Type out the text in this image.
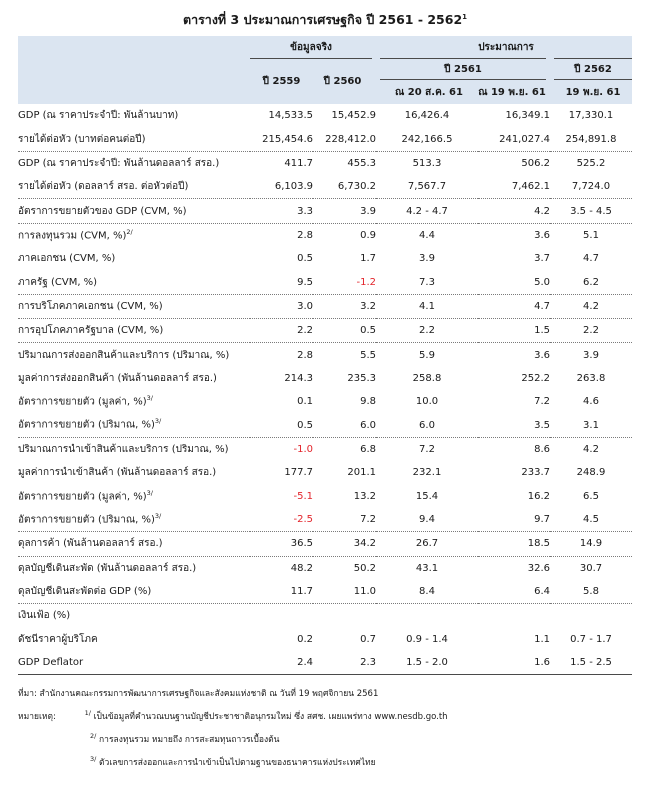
ตารางที่ 3 ประมาณการเศรษฐกิจ ปี 2561 - 2562$^1$
	ข้อมูลจริง		ประมาณการ		
	ปี 2559	ปี 2560	ปี 2561		ปี 2562
			ณ 20 ส.ค. 61	ณ 19 พ.ย. 61	19 พ.ย. 61
GDP (ณ ราคาประจำปี: พันล้านบาท)	14,533.5	15,452.9	16,426.4	16,349.1	17,330.1
รายได้ต่อหัว (บาทต่อคนต่อปี)	215,454.6	228,412.0	242,166.5	241,027.4	254,891.8
GDP (ณ ราคาประจำปี: พันล้านดอลลาร์ สรอ.)	411.7	455.3	513.3	506.2	525.2
รายได้ต่อหัว (ดอลลาร์ สรอ. ต่อหัวต่อปี)	6,103.9	6,730.2	7,567.7	7,462.1	7,724.0
อัตราการขยายตัวของ GDP (CVM, %)	3.3	3.9	4.2 - 4.7	4.2	3.5 - 4.5
การลงทุนรวม (CVM, %)$^{2/}$	2.8	0.9	4.4	3.6	5.1
ภาคเอกชน (CVM, %)	0.5	1.7	3.9	3.7	4.7
ภาครัฐ (CVM, %)	9.5	-1.2	7.3	5.0	6.2
การบริโภคภาคเอกชน (CVM, %)	3.0	3.2	4.1	4.7	4.2
การอุปโภคภาครัฐบาล (CVM, %)	2.2	0.5	2.2	1.5	2.2
ปริมาณการส่งออกสินค้าและบริการ (ปริมาณ, %)	2.8	5.5	5.9	3.6	3.9
มูลค่าการส่งออกสินค้า (พันล้านดอลลาร์ สรอ.)	214.3	235.3	258.8	252.2	263.8
อัตราการขยายตัว (มูลค่า, %)$^{3/}$	0.1	9.8	10.0	7.2	4.6
อัตราการขยายตัว (ปริมาณ, %)$^{3/}$	0.5	6.0	6.0	3.5	3.1
ปริมาณการนำเข้าสินค้าและบริการ (ปริมาณ, %)	-1.0	6.8	7.2	8.6	4.2
มูลค่าการนำเข้าสินค้า (พันล้านดอลลาร์ สรอ.)	177.7	201.1	232.1	233.7	248.9
อัตราการขยายตัว (มูลค่า, %)$^{3/}$	-5.1	13.2	15.4	16.2	6.5
อัตราการขยายตัว (ปริมาณ, %)$^{3/}$	-2.5	7.2	9.4	9.7	4.5
ดุลการค้า (พันล้านดอลลาร์ สรอ.)	36.5	34.2	26.7	18.5	14.9
ดุลบัญชีเดินสะพัด (พันล้านดอลลาร์ สรอ.)	48.2	50.2	43.1	32.6	30.7
ดุลบัญชีเดินสะพัดต่อ GDP (%)	11.7	11.0	8.4	6.4	5.8
เงินเฟ้อ (%)					
ดัชนีราคาผู้บริโภค	0.2	0.7	0.9 - 1.4	1.1	0.7 - 1.7
GDP Deflator	2.4	2.3	1.5 - 2.0	1.6	1.5 - 2.5
ที่มา: สำนักงานคณะกรรมการพัฒนาการเศรษฐกิจและสังคมแห่งชาติ ณ วันที่ 19 พฤศจิกายน 2561
หมายเหตุ:	$^{1/}$ เป็นข้อมูลที่คำนวณบนฐานบัญชีประชาชาติอนุกรมใหม่ ซึ่ง สศช. เผยแพร่ทาง www.nesdb.go.th
$^{2/}$ การลงทุนรวม หมายถึง การสะสมทุนถาวรเบื้องต้น
$^{3/}$ ตัวเลขการส่งออกและการนำเข้าเป็นไปตามฐานของธนาคารแห่งประเทศไทย
